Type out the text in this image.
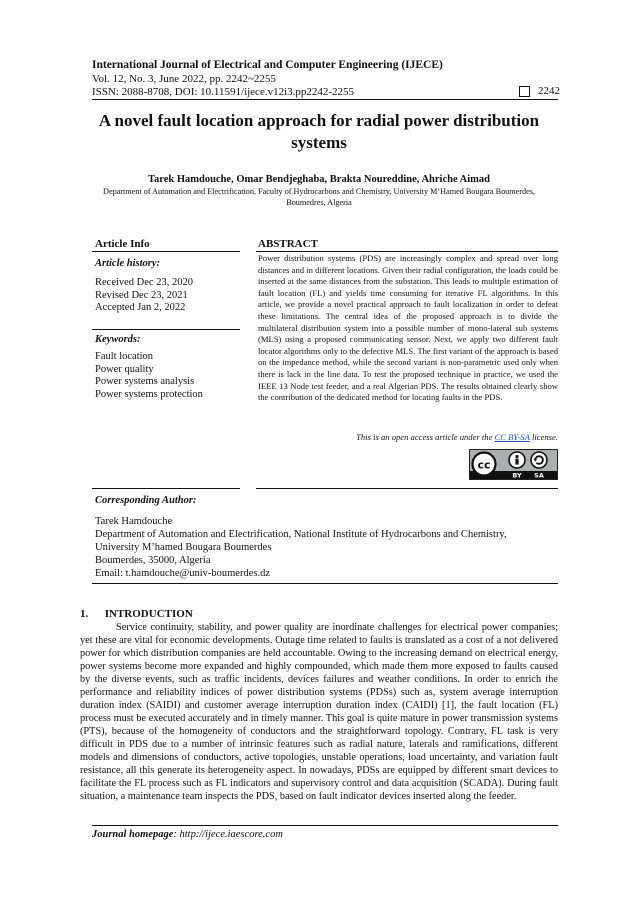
International Journal of Electrical and Computer Engineering (IJECE)
Vol. 12, No. 3, June 2022, pp. 2242~2255
ISSN: 2088-8708, DOI: 10.11591/ijece.v12i3.pp2242-2255	2242
A novel fault location approach for radial power distribution systems
Tarek Hamdouche, Omar Bendjeghaba, Brakta Noureddine, Ahriche Aimad
Department of Automation and Electrification, Faculty of Hydrocarbons and Chemistry, University M’Hamed Bougara Boumerdes, Boumedres, Algeria
Article Info
Article history:
Received Dec 23, 2020
Revised Dec 23, 2021
Accepted Jan 2, 2022
Keywords:
Fault location
Power quality
Power systems analysis
Power systems protection
ABSTRACT
Power distribution systems (PDS) are increasingly complex and spread over long distances and in different locations. Given their radial configuration, the loads could be inserted at the same distances from the substation. This leads to multiple estimation of fault location (FL) and yields time consuming for iterative FL algorithms. In this article, we provide a novel practical approach to fault localization in order to defeat these limitations. The central idea of the proposed approach is to divide the multilateral distribution system into a possible number of mono-lateral sub systems (MLS) using a proposed communicating sensor. Next, we apply two different fault locator algorithms only to the defective MLS. The first variant of the approach is based on the impedance method, while the second variant is non-parametric used only when there is lack in the line data. To test the proposed technique in practice, we used the IEEE 13 Node test feeder, and a real Algerian PDS. The results obtained clearly show the contribution of the dedicated method for locating faults in the PDS.
This is an open access article under the CC BY-SA license.
cc
BY SA
Corresponding Author:
Tarek Hamdouche
Department of Automation and Electrification, National Institute of Hydrocarbons and Chemistry,
University M’hamed Bougara Boumerdes
Boumerdes, 35000, Algeria
Email: t.hamdouche@univ-boumerdes.dz
1.      INTRODUCTION
Service continuity, stability, and power quality are inordinate challenges for electrical power companies; yet these are vital for economic developments. Outage time related to faults is translated as a cost of a not delivered power for which distribution companies are held accountable. Owing to the increasing demand on electrical energy, power systems become more expanded and highly compounded, which made them more exposed to faults caused by the diverse events, such as traffic incidents, devices failures and weather conditions. In order to enrich the performance and reliability indices of power distribution systems (PDSs) such as, system average interruption duration index (SAIDI) and customer average interruption duration index (CAIDI) [1], the fault location (FL) process must be executed accurately and in timely manner. This goal is quite mature in power transmission systems (PTS), because of the homogeneity of conductors and the straightforward topology. Contrary, FL task is very difficult in PDS due to a number of intrinsic features such as radial nature, laterals and ramifications, different models and dimensions of conductors, active topologies, unstable operations, load uncertainty, and variation fault resistance, all this generate its heterogeneity aspect. In nowadays, PDSs are equipped by different smart devices to facilitate the FL process such as FL indicators and supervisory control and data acquisition (SCADA). During fault situation, a maintenance team inspects the PDS, based on fault indicator devices inserted along the feeder.
Journal homepage: http://ijece.iaescore.com
